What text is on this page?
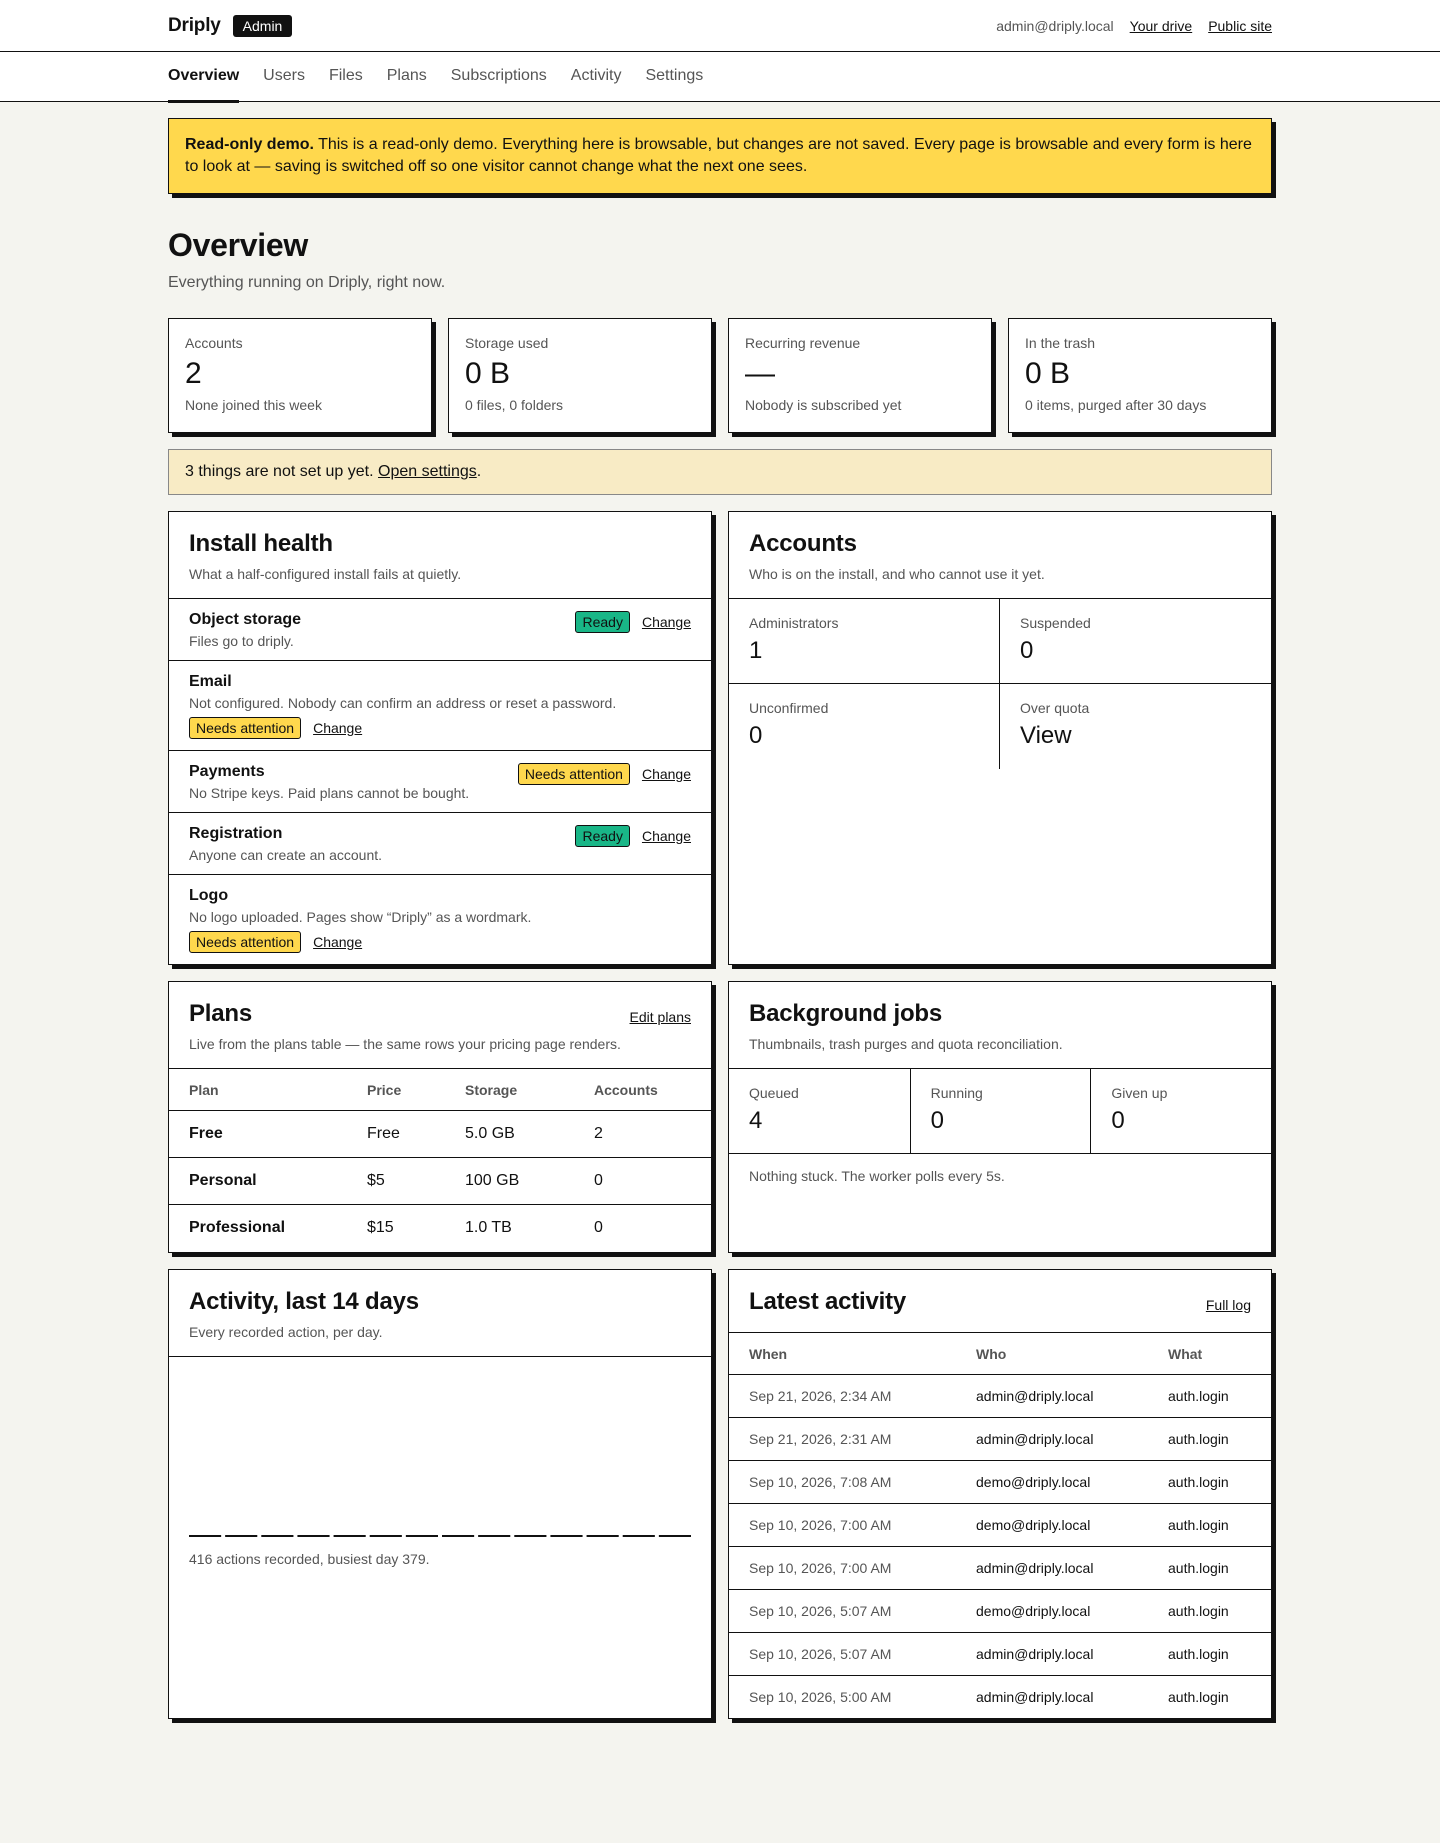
Driply	Admin	admin@driply.local Your drive Public site
Overview Users Files Plans Subscriptions Activity Settings
Read-only demo. This is a read-only demo. Everything here is browsable, but changes are not saved. Every page is browsable and every form is here to look at — saving is switched off so one visitor cannot change what the next one sees.
Overview

Everything running on Driply, right now.

Accounts
2
None joined this week
Storage used
0 B
0 files, 0 folders
Recurring revenue
—
Nobody is subscribed yet
In the trash
0 B
0 items, purged after 30 days
3 things are not set up yet. Open settings.
Install health
What a half-configured install fails at quietly.
Object storage
Files go to driply.
Ready	Change
Email
Not configured. Nobody can confirm an address or reset a password.
Needs attention	Change
Payments
No Stripe keys. Paid plans cannot be bought.
Needs attention	Change
Registration
Anyone can create an account.
Ready	Change
Logo
No logo uploaded. Pages show “Driply” as a wordmark.
Needs attention	Change
Accounts
Who is on the install, and who cannot use it yet.
Administrators
1
Suspended
0
Unconfirmed
0
Over quota
View
Plans
Live from the plans table — the same rows your pricing page renders.
Edit plans
Plan	Price	Storage	Accounts
Free	Free	5.0 GB	2
Personal	$5	100 GB	0
Professional	$15	1.0 TB	0
Background jobs
Thumbnails, trash purges and quota reconciliation.
Queued
4
Running
0
Given up
0
Nothing stuck. The worker polls every 5s.
Activity, last 14 days
Every recorded action, per day.
416 actions recorded, busiest day 379.
Latest activity	Full log
When	Who	What
Sep 21, 2026, 2:34 AM	admin@driply.local	auth.login
Sep 21, 2026, 2:31 AM	admin@driply.local	auth.login
Sep 10, 2026, 7:08 AM	demo@driply.local	auth.login
Sep 10, 2026, 7:00 AM	demo@driply.local	auth.login
Sep 10, 2026, 7:00 AM	admin@driply.local	auth.login
Sep 10, 2026, 5:07 AM	demo@driply.local	auth.login
Sep 10, 2026, 5:07 AM	admin@driply.local	auth.login
Sep 10, 2026, 5:00 AM	admin@driply.local	auth.login
